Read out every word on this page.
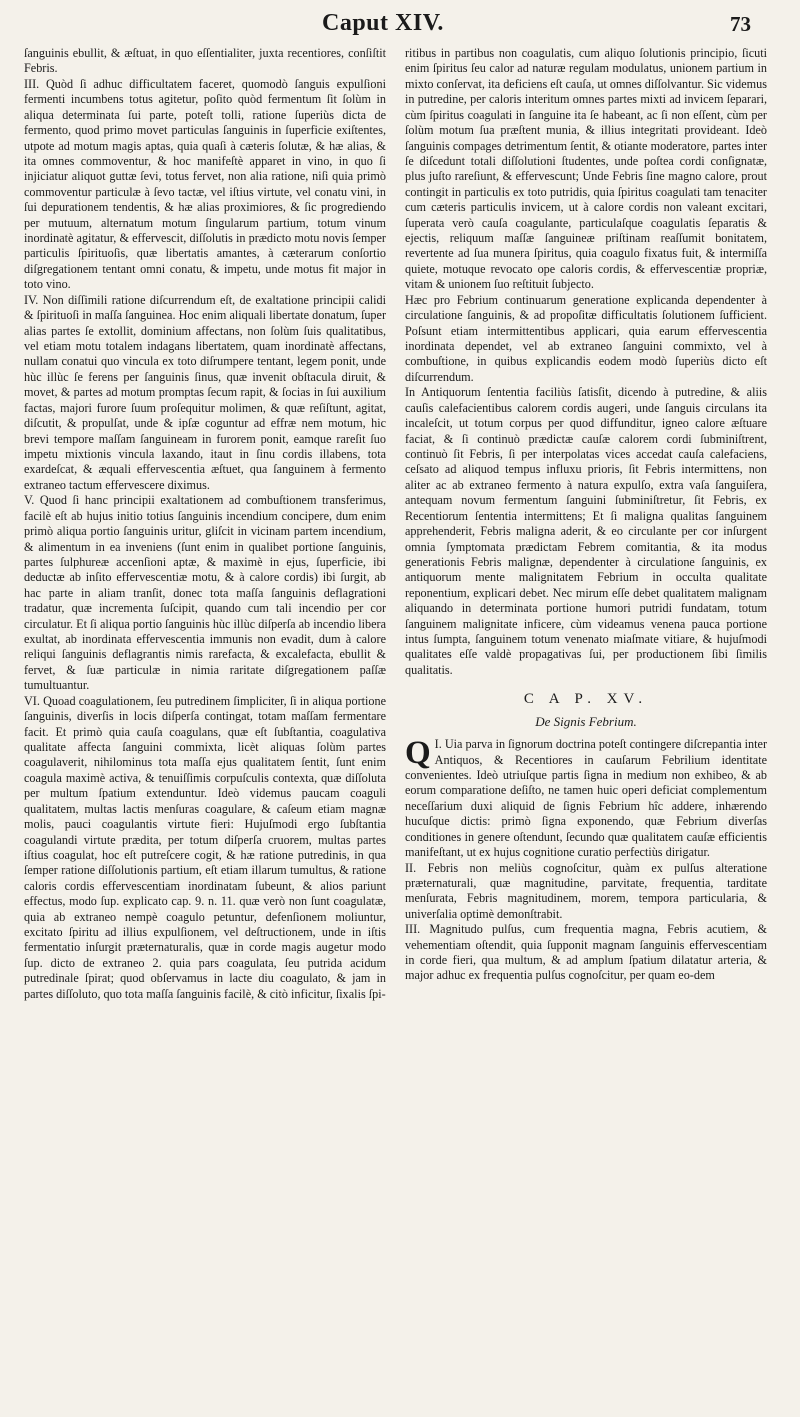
Caput XIV.	73

ſanguinis ebullit, & æſtuat, in quo eſſentialiter, juxta recentiores, conſiſtit Febris.

III. Quòd ſi adhuc difficultatem faceret, quomodò ſanguis expulſioni fermenti incumbens totus agitetur, poſito quòd fermentum ſit ſolùm in aliqua determinata ſui parte, poteſt tolli, ratione ſuperiùs dicta de fermento, quod primo movet particulas ſanguinis in ſuperficie exiſtentes, utpote ad motum magis aptas, quia quaſi à cæteris ſolutæ, & hæ alias, & ita omnes commoventur, & hoc manifeſtè apparet in vino, in quo ſi injiciatur aliquot guttæ ſevi, totus fervet, non alia ratione, niſi quia primò commoventur particulæ à ſevo tactæ, vel iſtius virtute, vel conatu vini, in ſui depurationem tendentis, & hæ alias proximiores, & ſic progrediendo per mutuum, alternatum motum ſingularum partium, totum vinum inordinatè agitatur, & effervescit, diſſolutis in prædicto motu novis ſemper particulis ſpirituoſis, quæ libertatis amantes, à cæterarum conſortio diſgregationem tentant omni conatu, & impetu, unde motus fit major in toto vino.

IV. Non diſſimili ratione diſcurrendum eſt, de exaltatione principii calidi & ſpirituoſi in maſſa ſanguinea. Hoc enim aliquali libertate donatum, ſuper alias partes ſe extollit, dominium affectans, non ſolùm ſuis qualitatibus, vel etiam motu totalem indagans libertatem, quam inordinatè affectans, nullam conatui quo vincula ex toto diſrumpere tentant, legem ponit, unde hùc illùc ſe ferens per ſanguinis ſinus, quæ invenit obſtacula diruit, & movet, & partes ad motum promptas ſecum rapit, & ſocias in ſui auxilium factas, majori furore ſuum proſequitur molimen, & quæ reſiſtunt, agitat, diſcutit, & propulſat, unde & ipſæ coguntur ad effræ nem motum, hic brevi tempore maſſam ſanguineam in furorem ponit, eamque rareſit ſuo impetu mixtionis vincula laxando, itaut in ſinu cordis illabens, tota exardeſcat, & æquali effervescentia æſtuet, qua ſanguinem à fermento extraneo tactum effervescere diximus.

V. Quod ſi hanc principii exaltationem ad combuſtionem transferimus, facilè eſt ab hujus initio totius ſanguinis incendium concipere, dum enim primò aliqua portio ſanguinis uritur, gliſcit in vicinam partem incendium, & alimentum in ea inveniens (ſunt enim in qualibet portione ſanguinis, partes ſulphureæ accenſioni aptæ, & maximè in ejus, ſuperficie, ibi deductæ ab inſito effervescentiæ motu, & à calore cordis) ibi ſurgit, ab hac parte in aliam tranſit, donec tota maſſa ſanguinis deflagrationi tradatur, quæ incrementa ſuſcipit, quando cum tali incendio per cor circulatur. Et ſi aliqua portio ſanguinis hùc illùc diſperſa ab incendio libera exultat, ab inordinata effervescentia immunis non evadit, dum à calore reliqui ſanguinis deflagrantis nimis rarefacta, & excalefacta, ebullit & fervet, & ſuæ particulæ in nimia raritate diſgregationem paſſæ tumultuantur.

VI. Quoad coagulationem, ſeu putredinem ſimpliciter, ſi in aliqua portione ſanguinis, diverſis in locis diſperſa contingat, totam maſſam fermentare facit. Et primò quia cauſa coagulans, quæ eſt ſubſtantia, coagulativa qualitate affecta ſanguini commixta, licèt aliquas ſolùm partes coagulaverit, nihilominus tota maſſa ejus qualitatem ſentit, ſunt enim coagula maximè activa, & tenuiſſimis corpuſculis contexta, quæ diſſoluta per multum ſpatium extenduntur. Ideò videmus paucam coaguli qualitatem, multas lactis menſuras coagulare, & caſeum etiam magnæ molis, pauci coagulantis virtute fieri: Hujuſmodi ergo ſubſtantia coagulandi virtute prædita, per totum diſperſa cruorem, multas partes iſtius coagulat, hoc eſt putreſcere cogit, & hæ ratione putredinis, in qua ſemper ratione diſſolutionis partium, eſt etiam illarum tumultus, & ratione caloris cordis effervescentiam inordinatam ſubeunt, & alios pariunt effectus, modo ſup. explicato cap. 9. n. 11. quæ verò non ſunt coagulatæ, quia ab extraneo nempè coagulo petuntur, defenſionem moliuntur, excitato ſpiritu ad illius expulſionem, vel deſtructionem, unde in iſtis fermentatio inſurgit præternaturalis, quæ in corde magis augetur modo ſup. dicto de extraneo 2. quia pars coagulata, ſeu putrida acidum putredinale ſpirat; quod obſervamus in lacte diu coagulato, & jam in partes diſſoluto, quo tota maſſa ſanguinis facilè, & citò inficitur, ſixalis ſpi-

ritibus in partibus non coagulatis, cum aliquo ſolutionis principio, ſicuti enim ſpiritus ſeu calor ad naturæ regulam modulatus, unionem partium in mixto conſervat, ita deficiens eſt cauſa, ut omnes diſſolvantur. Sic videmus in putredine, per caloris interitum omnes partes mixti ad invicem ſeparari, cùm ſpiritus coagulati in ſanguine ita ſe habeant, ac ſi non eſſent, cùm per ſolùm motum ſua præſtent munia, & illius integritati provideant. Ideò ſanguinis compages detrimentum ſentit, & otiante moderatore, partes inter ſe diſcedunt totali diſſolutioni ſtudentes, unde poſtea cordi conſignatæ, plus juſto rareſiunt, & effervescunt; Unde Febris ſine magno calore, prout contingit in particulis ex toto putridis, quia ſpiritus coagulati tam tenaciter cum cæteris particulis invicem, ut à calore cordis non valeant excitari, ſuperata verò cauſa coagulante, particulaſque coagulatis ſeparatis & ejectis, reliquum maſſæ ſanguineæ priſtinam reaſſumit bonitatem, revertente ad ſua munera ſpiritus, quia coagulo fixatus fuit, & intermiſſa quiete, motuque revocato ope caloris cordis, & effervescentiæ propriæ, vitam & unionem ſuo reſtituit ſubjecto.

Hæc pro Febrium continuarum generatione explicanda dependenter à circulatione ſanguinis, & ad propoſitæ difficultatis ſolutionem ſufficient. Poſsunt etiam intermittentibus applicari, quia earum effervescentia inordinata dependet, vel ab extraneo ſanguini commixto, vel à combuſtione, in quibus explicandis eodem modò ſuperiùs dicto eſt diſcurrendum.

In Antiquorum ſententia faciliùs ſatisſit, dicendo à putredine, & aliis cauſis calefacientibus calorem cordis augeri, unde ſanguis circulans ita incaleſcit, ut totum corpus per quod diffunditur, igneo calore æſtuare faciat, & ſi continuò prædictæ cauſæ calorem cordi ſubminiſtrent, continuò ſit Febris, ſi per interpolatas vices accedat cauſa calefaciens, ceſsato ad aliquod tempus influxu prioris, ſit Febris intermittens, non aliter ac ab extraneo fermento à natura expulſo, extra vaſa ſanguiſera, antequam novum fermentum ſanguini ſubminiſtretur, ſit Febris, ex Recentiorum ſententia intermittens; Et ſi maligna qualitas ſanguinem apprehenderit, Febris maligna aderit, & eo circulante per cor inſurgent omnia ſymptomata prædictam Febrem comitantia, & ita modus generationis Febris malignæ, dependenter à circulatione ſanguinis, ex antiquorum mente malignitatem Febrium in occulta qualitate reponentium, explicari debet. Nec mirum eſſe debet qualitatem malignam aliquando in determinata portione humori putridi fundatam, totum ſanguinem malignitate inficere, cùm videamus venena pauca portione intus ſumpta, ſanguinem totum venenato miaſmate vitiare, & hujuſmodi qualitates eſſe valdè propagativas ſui, per productionem ſibi ſimilis qualitatis.

C A P. XV.
De Signis Febrium.

Q I. Uia parva in ſignorum doctrina poteſt contingere diſcrepantia inter Antiquos, & Recentiores in cauſarum Febrilium identitate convenientes. Ideò utriuſque partis ſigna in medium non exhibeo, & ab eorum comparatione deſiſto, ne tamen huic operi deficiat complementum neceſſarium duxi aliquid de ſignis Febrium hîc addere, inhærendo hucuſque dictis: primò ſigna exponendo, quæ Febrium diverſas conditiones in genere oſtendunt, ſecundo quæ qualitatem cauſæ efficientis manifeſtant, ut ex hujus cognitione curatio perfectiùs dirigatur.

II. Febris non meliùs cognoſcitur, quàm ex pulſus alteratione præternaturali, quæ magnitudine, parvitate, frequentia, tarditate menſurata, Febris magnitudinem, morem, tempora particularia, & univerſalia optimè demonſtrabit.

III. Magnitudo pulſus, cum frequentia magna, Febris acutiem, & vehementiam oſtendit, quia ſupponit magnam ſanguinis effervescentiam in corde fieri, qua multum, & ad amplum ſpatium dilatatur arteria, & major adhuc ex frequentia pulſus cognoſcitur, per quam eo-dem
